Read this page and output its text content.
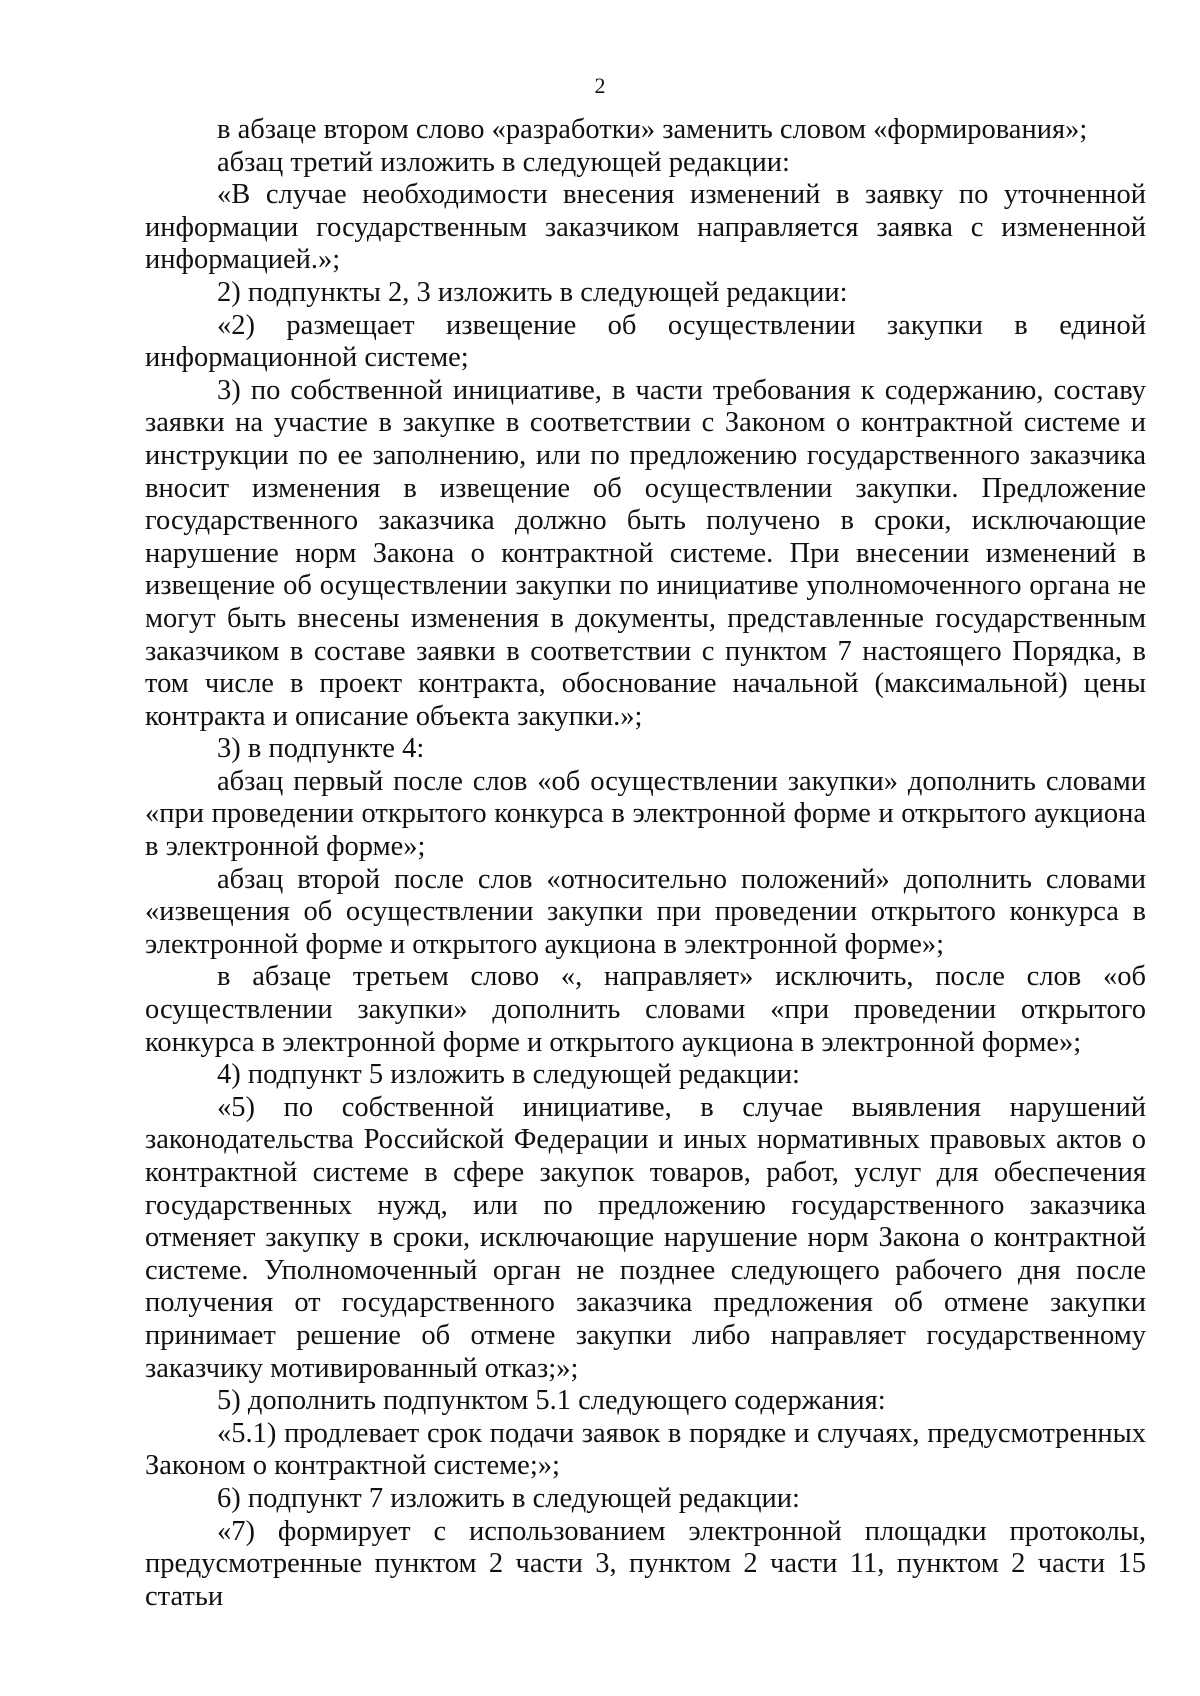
2

в абзаце втором слово «разработки» заменить словом «формирования»;

абзац третий изложить в следующей редакции:

«В случае необходимости внесения изменений в заявку по уточненной информации государственным заказчиком направляется заявка с измененной информацией.»;

2) подпункты 2, 3 изложить в следующей редакции:

«2) размещает извещение об осуществлении закупки в единой информационной системе;

3) по собственной инициативе, в части требования к содержанию, составу заявки на участие в закупке в соответствии с Законом о контрактной системе и инструкции по ее заполнению, или по предложению государственного заказчика вносит изменения в извещение об осуществлении закупки. Предложение государственного заказчика должно быть получено в сроки, исключающие нарушение норм Закона о контрактной системе. При внесении изменений в извещение об осуществлении закупки по инициативе уполномоченного органа не могут быть внесены изменения в документы, представленные государственным заказчиком в составе заявки в соответствии с пунктом 7 настоящего Порядка, в том числе в проект контракта, обоснование начальной (максимальной) цены контракта и описание объекта закупки.»;

3) в подпункте 4:

абзац первый после слов «об осуществлении закупки» дополнить словами «при проведении открытого конкурса в электронной форме и открытого аукциона в электронной форме»;

абзац второй после слов «относительно положений» дополнить словами «извещения об осуществлении закупки при проведении открытого конкурса в электронной форме и открытого аукциона в электронной форме»;

в абзаце третьем слово «, направляет» исключить, после слов «об осуществлении закупки» дополнить словами «при проведении открытого конкурса в электронной форме и открытого аукциона в электронной форме»;

4) подпункт 5 изложить в следующей редакции:

«5) по собственной инициативе, в случае выявления нарушений законодательства Российской Федерации и иных нормативных правовых актов о контрактной системе в сфере закупок товаров, работ, услуг для обеспечения государственных нужд, или по предложению государственного заказчика отменяет закупку в сроки, исключающие нарушение норм Закона о контрактной системе. Уполномоченный орган не позднее следующего рабочего дня после получения от государственного заказчика предложения об отмене закупки принимает решение об отмене закупки либо направляет государственному заказчику мотивированный отказ;»;

5) дополнить подпунктом 5.1 следующего содержания:

«5.1) продлевает срок подачи заявок в порядке и случаях, предусмотренных Законом о контрактной системе;»;

6) подпункт 7 изложить в следующей редакции:

«7) формирует с использованием электронной площадки протоколы, предусмотренные пунктом 2 части 3, пунктом 2 части 11, пунктом 2 части 15 статьи
